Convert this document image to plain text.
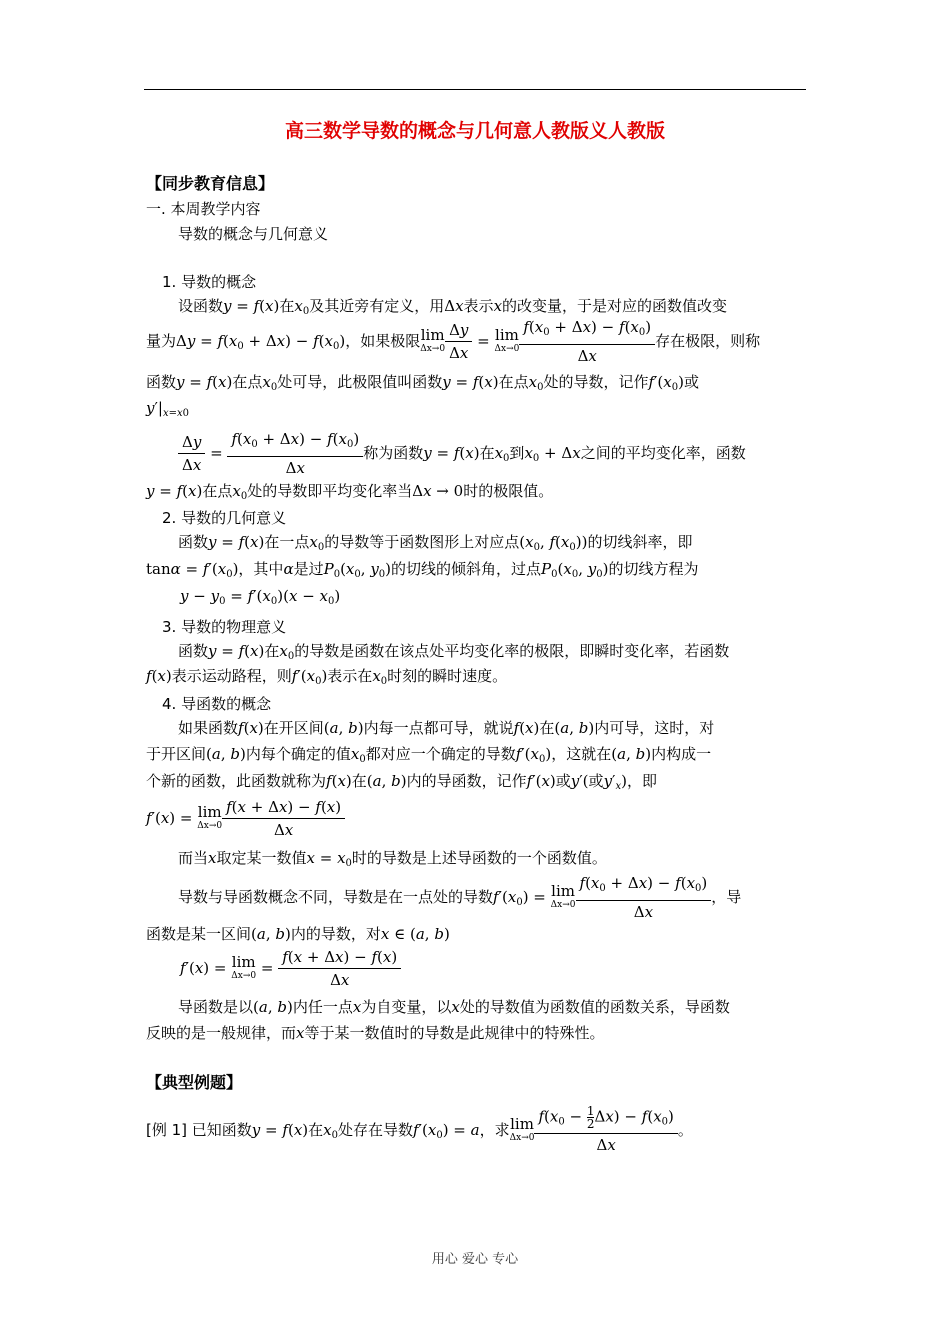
高三数学导数的概念与几何意人教版义人教版
【同步教育信息】
一. 本周教学内容
导数的概念与几何意义
1. 导数的概念
设函数y = f(x)在$x_0$及其近旁有定义，用Δx表示x的改变量，于是对应的函数值改变
量为$\Delta y = f(x_0 + \Delta x) - f(x_0)$，如果极限 lim
$\Delta x\to 0 \frac{\Delta y}{\Delta x} = \lim$
$\Delta x\to 0 \frac{f(x_0 + \Delta x) - f(x_0)}{\Delta x}$ 存在极限，则称
函数y = f(x)在点$x_0$处可导，此极限值叫函数y = f(x)在点$x_0$处的导数，记作$f'(x_0)$或
$y'|_{x=x0}$
$\frac{\Delta y}{\Delta x} = \frac{f(x_0 + \Delta x) - f(x_0)}{\Delta x}$ 称为函数y = f(x)在$x_0$到$x_0 + \Delta x$之间的平均变化率，函数
y = f(x)在点$x_0$处的导数即平均变化率当Δx → 0时的极限值。
2. 导数的几何意义
函数y = f(x)在一点$x_0$的导数等于函数图形上对应点($x_0$, $f(x_0)$)的切线斜率，即
$\tan\alpha = f'(x_0)$，其中α是过$P_0(x_0$, $y_0$)的切线的倾斜角，过点$P_0(x_0$, $y_0$)的切线方程为
$y - y_0 = f'(x_0)(x - x_0)$
3. 导数的物理意义
函数y = f(x)在$x_0$的导数是函数在该点处平均变化率的极限，即瞬时变化率，若函数
f(x)表示运动路程，则$f'(x_0)$表示在$x_0$时刻的瞬时速度。
4. 导函数的概念
如果函数f(x)在开区间(a, b)内每一点都可导，就说f(x)在(a, b)内可导，这时，对
于开区间(a, b)内每个确定的值$x_0$都对应一个确定的导数$f'(x_0)$，这就在(a, b)内构成一
个新的函数，此函数就称为f(x)在(a, b)内的导函数，记作f′(x)或y′(或$y'_x$)，即
f′(x) = lim
$\Delta x\to 0 \frac{f(x + \Delta x) - f(x)}{\Delta x}$
而当x取定某一数值$x = x_0$时的导数是上述导函数的一个函数值。
导数与导函数概念不同，导数是在一点处的导数$f'(x_0) = \lim$
$\Delta x\to 0 \frac{f(x_0 + \Delta x) - f(x_0)}{\Delta x}$ ，导
函数是某一区间(a, b)内的导数，对x ∈ (a, b)
f′(x) = lim
$\Delta x\to 0 = \frac{f(x + \Delta x) - f(x)}{\Delta x}$
导函数是以(a, b)内任一点x为自变量，以x处的导数值为函数值的函数关系，导函数
反映的是一般规律，而x等于某一数值时的导数是此规律中的特殊性。
【典型例题】
[例 1] 已知函数y = f(x)在$x_0$处存在导数$f'(x_0) = a$，求 lim
$\Delta x\to 0 \frac{f(x_0 - \frac{1}{2} \Delta x) - f(x_0)}{\Delta x}$ 。
用心 爱心 专心
